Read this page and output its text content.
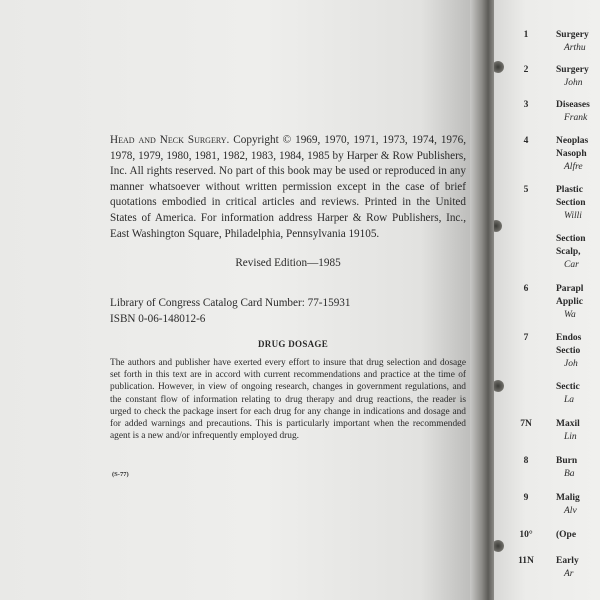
Head and Neck Surgery. Copyright © 1969, 1970, 1971, 1973, 1974, 1976, 1978, 1979, 1980, 1981, 1982, 1983, 1984, 1985 by Harper & Row Publishers, Inc. All rights reserved. No part of this book may be used or reproduced in any manner whatsoever without written permission except in the case of brief quotations embodied in critical articles and reviews. Printed in the United States of America. For information address Harper & Row Publishers, Inc., East Washington Square, Philadelphia, Pennsylvania 19105.
Revised Edition—1985
Library of Congress Catalog Card Number: 77-15931
ISBN 0-06-148012-6
DRUG DOSAGE
The authors and publisher have exerted every effort to insure that drug selection and dosage set forth in this text are in accord with current recommendations and practice at the time of publication. However, in view of ongoing research, changes in government regulations, and the constant flow of information relating to drug therapy and drug reactions, the reader is urged to check the package insert for each drug for any change in indications and dosage and for added warnings and precautions. This is particularly important when the recommended agent is a new and/or infrequently employed drug.
(S-77)
1	Surgery
Arthu
2	Surgery
John
3	Diseases
Frank
4	Neoplas
Nasoph
Alfre
5	Plastic
Section
Willi
Section
Scalp,
Car
6	Parapl
Applic
Wa
7	Endos
Sectio
Joh
Sectic
La
7N	Maxil
Lin
8	Burn
Ba
9	Malig
Alv
10°	(Ope
11N	Early
Ar
